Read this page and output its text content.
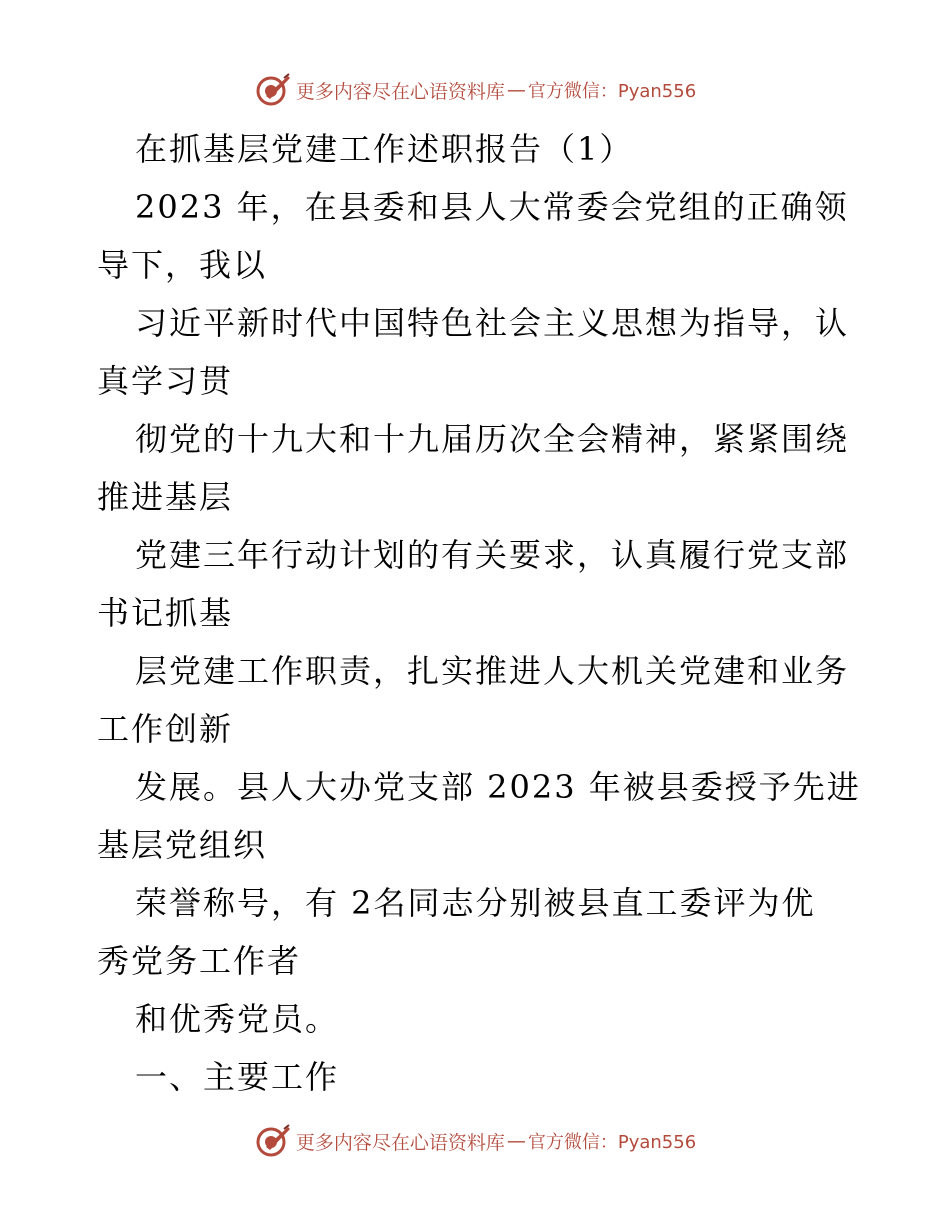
更多内容尽在心语资料库 — 官方微信：Pyan556
在抓基层党建工作述职报告（1）
2023 年，在县委和县人大常委会党组的正确领
导下，我以
习近平新时代中国特色社会主义思想为指导，认
真学习贯
彻党的十九大和十九届历次全会精神，紧紧围绕
推进基层
党建三年行动计划的有关要求，认真履行党支部
书记抓基
层党建工作职责，扎实推进人大机关党建和业务
工作创新
发展。县人大办党支部 2023 年被县委授予先进
基层党组织
荣誉称号，有 2名同志分别被县直工委评为优
秀党务工作者
和优秀党员。
一、主要工作
更多内容尽在心语资料库 — 官方微信：Pyan556
